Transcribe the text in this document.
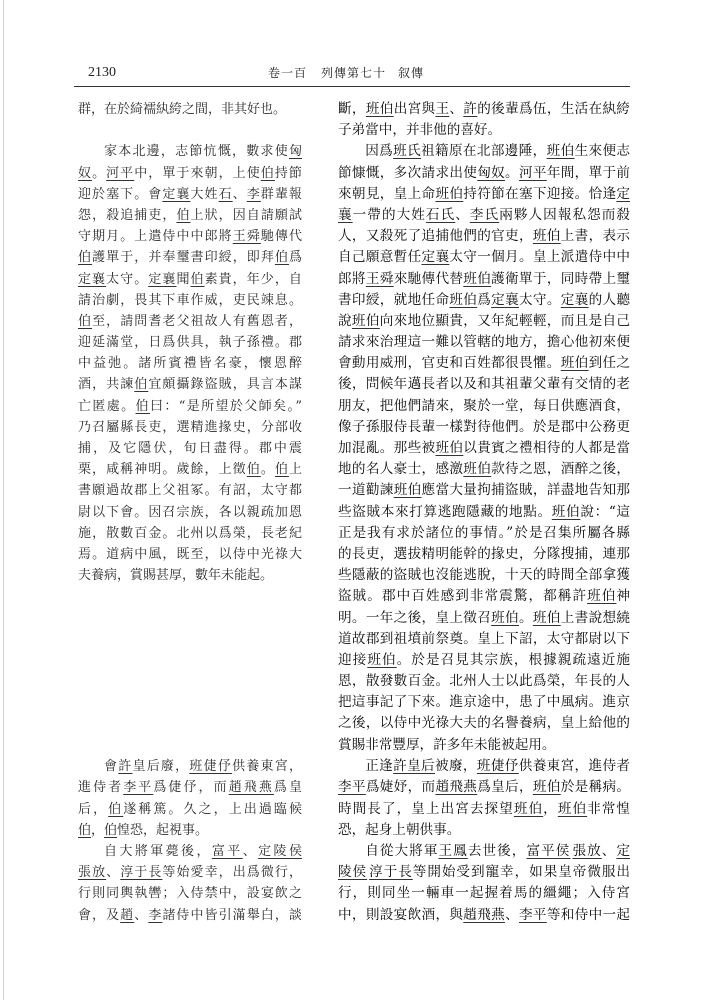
2130	卷一百 列傳第七十 叙傳
群，在於綺襦紈絝之間，非其好也。
家本北邊，志節忼慨，數求使匈
奴。河平中，單于來朝，上使伯持節
迎於塞下。會定襄大姓石、李群輩報
怨，殺追捕吏，伯上狀，因自請願試
守期月。上遣侍中中郎將王舜馳傳代
伯護單于，并奉璽書印綬，即拜伯爲
定襄太守。定襄聞伯素貴，年少，自
請治劇，畏其下車作威，吏民竦息。
伯至，請問耆老父祖故人有舊恩者，
迎延滿堂，日爲供具，執子孫禮。郡
中益弛。諸所賓禮皆名豪，懷恩醉
酒，共諫伯宜頗攝錄盜賊，具言本謀
亡匿處。伯曰：“是所望於父師矣。”
乃召屬縣長吏，選精進掾史，分部收
捕，及它隱伏，旬日盡得。郡中震
栗，咸稱神明。歲餘，上徵伯。伯上
書願過故郡上父祖冢。有詔，太守都
尉以下會。因召宗族，各以親疏加恩
施，散數百金。北州以爲榮，長老紀
焉。道病中風，既至，以侍中光祿大
夫養病，賞賜甚厚，數年未能起。
會許皇后廢，班倢伃供養東宮，
進侍者李平爲倢伃，而趙飛燕爲皇
后，伯遂稱篤。久之，上出過臨候
伯，伯惶恐，起視事。
自大將軍薨後，富平、定陵侯
張放、淳于長等始愛幸，出爲微行，
行則同輿執轡；入侍禁中，設宴飲之
會，及趙、李諸侍中皆引滿舉白，談
斷，班伯出宮與王、許的後輩爲伍，生活在紈絝
子弟當中，并非他的喜好。
因爲班氏祖籍原在北部邊陲，班伯生來便志
節慷慨，多次請求出使匈奴。河平年間，單于前
來朝見，皇上命班伯持符節在塞下迎接。恰逢定
襄一帶的大姓石氏、李氏兩夥人因報私怨而殺
人，又殺死了追捕他們的官吏，班伯上書，表示
自己願意暫任定襄太守一個月。皇上派遣侍中中
郎將王舜來馳傳代替班伯護衛單于，同時帶上璽
書印綬，就地任命班伯爲定襄太守。定襄的人聽
說班伯向來地位顯貴，又年紀輕輕，而且是自己
請求來治理這一難以管轄的地方，擔心他初來便
會動用威刑，官吏和百姓都很畏懼。班伯到任之
後，問候年邁長者以及和其祖輩父輩有交情的老
朋友，把他們請來，聚於一堂，每日供應酒食，
像子孫服侍長輩一樣對待他們。於是郡中公務更
加混亂。那些被班伯以貴賓之禮相待的人都是當
地的名人豪士，感激班伯款待之恩，酒醉之後，
一道勸諫班伯應當大量拘捕盜賊，詳盡地告知那
些盜賊本來打算逃跑隱藏的地點。班伯說：“這
正是我有求於諸位的事情。”於是召集所屬各縣
的長吏，選拔精明能幹的掾史，分隊搜捕，連那
些隱蔽的盜賊也沒能逃脫，十天的時間全部拿獲
盜賊。郡中百姓感到非常震驚，都稱許班伯神
明。一年之後，皇上徵召班伯。班伯上書說想繞
道故郡到祖墳前祭奠。皇上下詔，太守都尉以下
迎接班伯。於是召見其宗族，根據親疏遠近施
恩，散發數百金。北州人士以此爲榮，年長的人
把這事記了下來。進京途中，患了中風病。進京
之後，以侍中光祿大夫的名譽養病，皇上給他的
賞賜非常豐厚，許多年未能被起用。
正逢許皇后被廢，班倢伃供養東宮，進侍者
李平爲婕妤，而趙飛燕爲皇后，班伯於是稱病。
時間長了，皇上出宮去探望班伯，班伯非常惶
恐，起身上朝供事。
自從大將軍王鳳去世後，富平侯 張放、定
陵侯 淳于長等開始受到寵幸，如果皇帝微服出
行，則同坐一輛車一起握着馬的繮繩；入侍宮
中，則設宴飲酒，與趙飛燕、李平等和侍中一起
